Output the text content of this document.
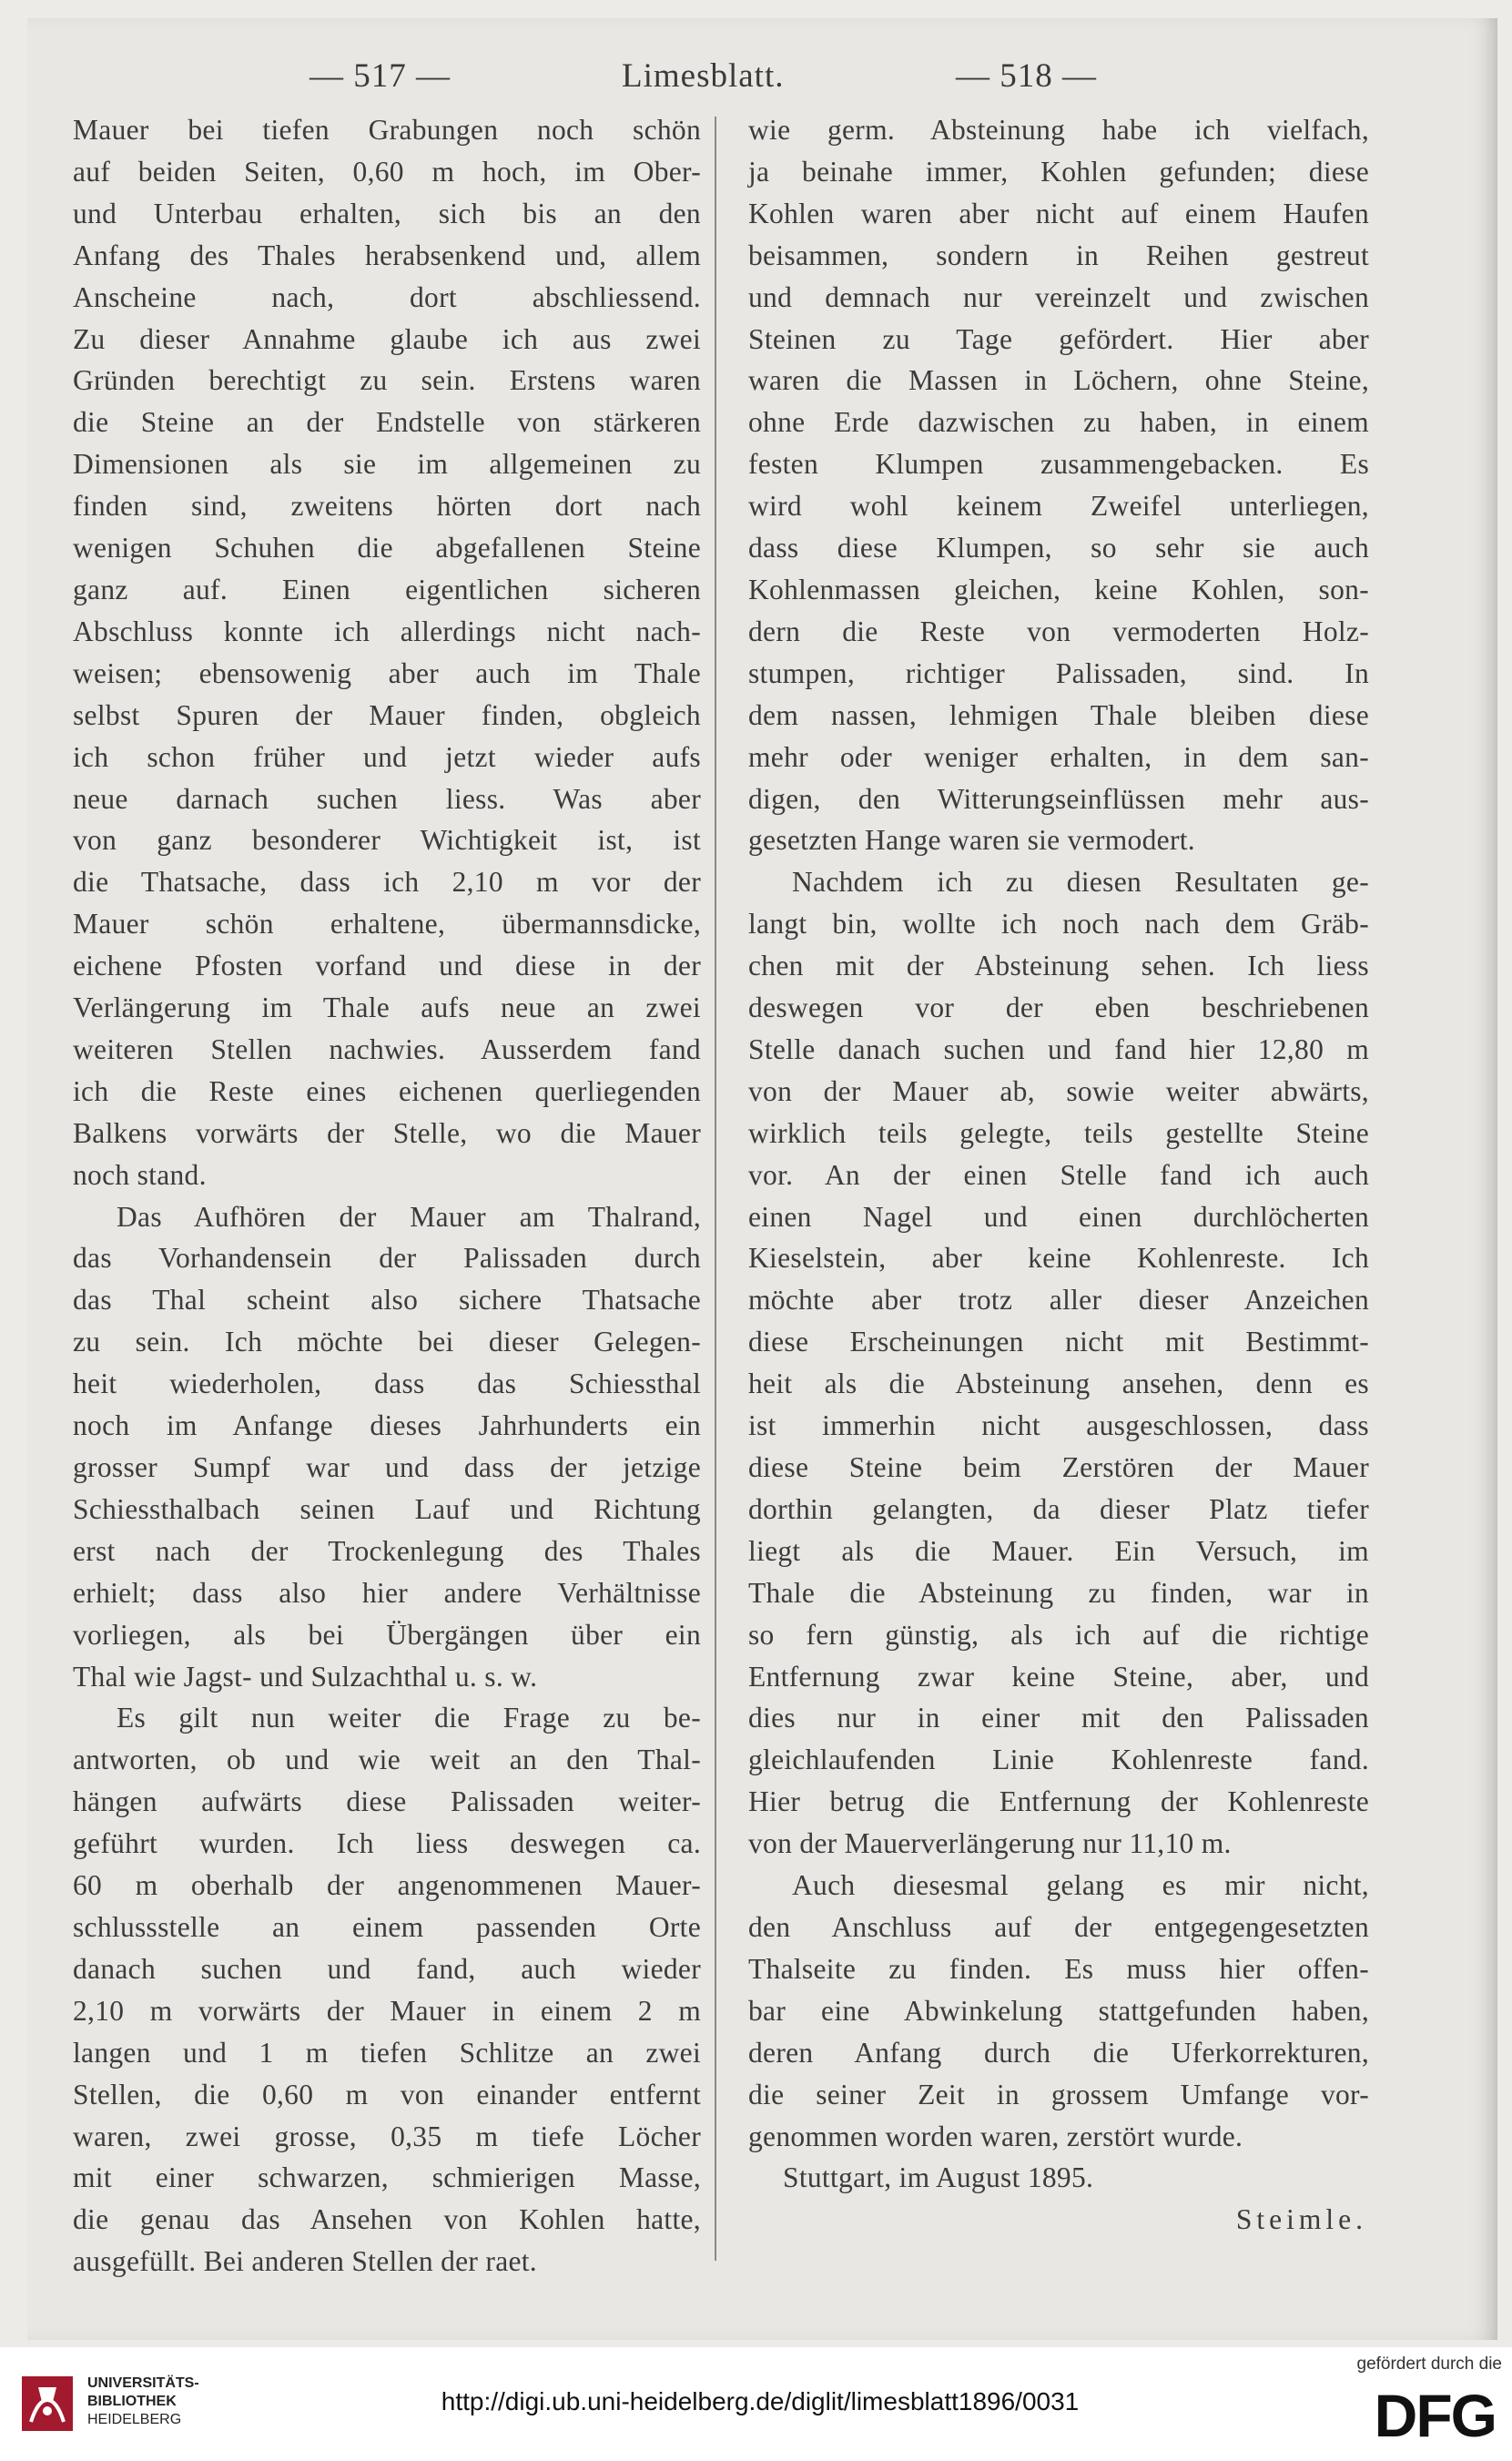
— 517 —	Limesblatt.	— 518 —

Mauer bei tiefen Grabungen noch schön
auf beiden Seiten, 0,60 m hoch, im Ober-
und Unterbau erhalten, sich bis an den
Anfang des Thales herabsenkend und, allem
Anscheine nach, dort abschliessend.
Zu dieser Annahme glaube ich aus zwei
Gründen berechtigt zu sein. Erstens waren
die Steine an der Endstelle von stärkeren
Dimensionen als sie im allgemeinen zu
finden sind, zweitens hörten dort nach
wenigen Schuhen die abgefallenen Steine
ganz auf. Einen eigentlichen sicheren
Abschluss konnte ich allerdings nicht nach-
weisen; ebensowenig aber auch im Thale
selbst Spuren der Mauer finden, obgleich
ich schon früher und jetzt wieder aufs
neue darnach suchen liess. Was aber
von ganz besonderer Wichtigkeit ist, ist
die Thatsache, dass ich 2,10 m vor der
Mauer schön erhaltene, übermannsdicke,
eichene Pfosten vorfand und diese in der
Verlängerung im Thale aufs neue an zwei
weiteren Stellen nachwies. Ausserdem fand
ich die Reste eines eichenen querliegenden
Balkens vorwärts der Stelle, wo die Mauer
noch stand.

Das Aufhören der Mauer am Thalrand,
das Vorhandensein der Palissaden durch
das Thal scheint also sichere Thatsache
zu sein. Ich möchte bei dieser Gelegen-
heit wiederholen, dass das Schiessthal
noch im Anfange dieses Jahrhunderts ein
grosser Sumpf war und dass der jetzige
Schiessthalbach seinen Lauf und Richtung
erst nach der Trockenlegung des Thales
erhielt; dass also hier andere Verhältnisse
vorliegen, als bei Übergängen über ein
Thal wie Jagst- und Sulzachthal u. s. w.

Es gilt nun weiter die Frage zu be-
antworten, ob und wie weit an den Thal-
hängen aufwärts diese Palissaden weiter-
geführt wurden. Ich liess deswegen ca.
60 m oberhalb der angenommenen Mauer-
schlussstelle an einem passenden Orte
danach suchen und fand, auch wieder
2,10 m vorwärts der Mauer in einem 2 m
langen und 1 m tiefen Schlitze an zwei
Stellen, die 0,60 m von einander entfernt
waren, zwei grosse, 0,35 m tiefe Löcher
mit einer schwarzen, schmierigen Masse,
die genau das Ansehen von Kohlen hatte,
ausgefüllt. Bei anderen Stellen der raet.

wie germ. Absteinung habe ich vielfach,
ja beinahe immer, Kohlen gefunden; diese
Kohlen waren aber nicht auf einem Haufen
beisammen, sondern in Reihen gestreut
und demnach nur vereinzelt und zwischen
Steinen zu Tage gefördert. Hier aber
waren die Massen in Löchern, ohne Steine,
ohne Erde dazwischen zu haben, in einem
festen Klumpen zusammengebacken. Es
wird wohl keinem Zweifel unterliegen,
dass diese Klumpen, so sehr sie auch
Kohlenmassen gleichen, keine Kohlen, son-
dern die Reste von vermoderten Holz-
stumpen, richtiger Palissaden, sind. In
dem nassen, lehmigen Thale bleiben diese
mehr oder weniger erhalten, in dem san-
digen, den Witterungseinflüssen mehr aus-
gesetzten Hange waren sie vermodert.

Nachdem ich zu diesen Resultaten ge-
langt bin, wollte ich noch nach dem Gräb-
chen mit der Absteinung sehen. Ich liess
deswegen vor der eben beschriebenen
Stelle danach suchen und fand hier 12,80 m
von der Mauer ab, sowie weiter abwärts,
wirklich teils gelegte, teils gestellte Steine
vor. An der einen Stelle fand ich auch
einen Nagel und einen durchlöcherten
Kieselstein, aber keine Kohlenreste. Ich
möchte aber trotz aller dieser Anzeichen
diese Erscheinungen nicht mit Bestimmt-
heit als die Absteinung ansehen, denn es
ist immerhin nicht ausgeschlossen, dass
diese Steine beim Zerstören der Mauer
dorthin gelangten, da dieser Platz tiefer
liegt als die Mauer. Ein Versuch, im
Thale die Absteinung zu finden, war in
so fern günstig, als ich auf die richtige
Entfernung zwar keine Steine, aber, und
dies nur in einer mit den Palissaden
gleichlaufenden Linie Kohlenreste fand.
Hier betrug die Entfernung der Kohlenreste
von der Mauerverlängerung nur 11,10 m.

Auch diesesmal gelang es mir nicht,
den Anschluss auf der entgegengesetzten
Thalseite zu finden. Es muss hier offen-
bar eine Abwinkelung stattgefunden haben,
deren Anfang durch die Uferkorrekturen,
die seiner Zeit in grossem Umfange vor-
genommen worden waren, zerstört wurde.

Stuttgart, im August 1895.

Steimle.

UNIVERSITÄTS-
BIBLIOTHEK
HEIDELBERG
http://digi.ub.uni-heidelberg.de/diglit/limesblatt1896/0031
gefördert durch die
DFG
